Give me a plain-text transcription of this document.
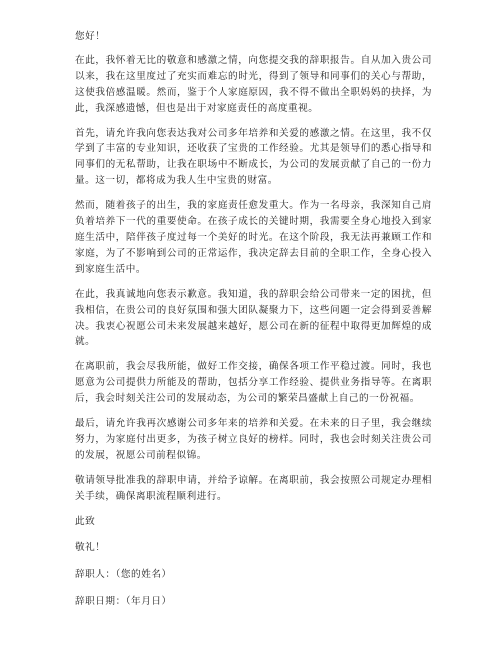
您好！

在此，我怀着无比的敬意和感激之情，向您提交我的辞职报告。自从加入贵公司以来，我在这里度过了充实而难忘的时光，得到了领导和同事们的关心与帮助，这使我倍感温暖。然而，鉴于个人家庭原因，我不得不做出全职妈妈的抉择，为此，我深感遗憾，但也是出于对家庭责任的高度重视。

首先，请允许我向您表达我对公司多年培养和关爱的感激之情。在这里，我不仅学到了丰富的专业知识，还收获了宝贵的工作经验。尤其是领导们的悉心指导和同事们的无私帮助，让我在职场中不断成长，为公司的发展贡献了自己的一份力量。这一切，都将成为我人生中宝贵的财富。

然而，随着孩子的出生，我的家庭责任愈发重大。作为一名母亲，我深知自己肩负着培养下一代的重要使命。在孩子成长的关键时期，我需要全身心地投入到家庭生活中，陪伴孩子度过每一个美好的时光。在这个阶段，我无法再兼顾工作和家庭，为了不影响到公司的正常运作，我决定辞去目前的全职工作，全身心投入到家庭生活中。

在此，我真诚地向您表示歉意。我知道，我的辞职会给公司带来一定的困扰，但我相信，在贵公司的良好氛围和强大团队凝聚力下，这些问题一定会得到妥善解决。我衷心祝愿公司未来发展越来越好，愿公司在新的征程中取得更加辉煌的成就。

在离职前，我会尽我所能，做好工作交接，确保各项工作平稳过渡。同时，我也愿意为公司提供力所能及的帮助，包括分享工作经验、提供业务指导等。在离职后，我会时刻关注公司的发展动态，为公司的繁荣昌盛献上自己的一份祝福。

最后，请允许我再次感谢公司多年来的培养和关爱。在未来的日子里，我会继续努力，为家庭付出更多，为孩子树立良好的榜样。同时，我也会时刻关注贵公司的发展，祝愿公司前程似锦。

敬请领导批准我的辞职申请，并给予谅解。在离职前，我会按照公司规定办理相关手续，确保离职流程顺利进行。

此致

敬礼！

辞职人：（您的姓名）

辞职日期：（年月日）
